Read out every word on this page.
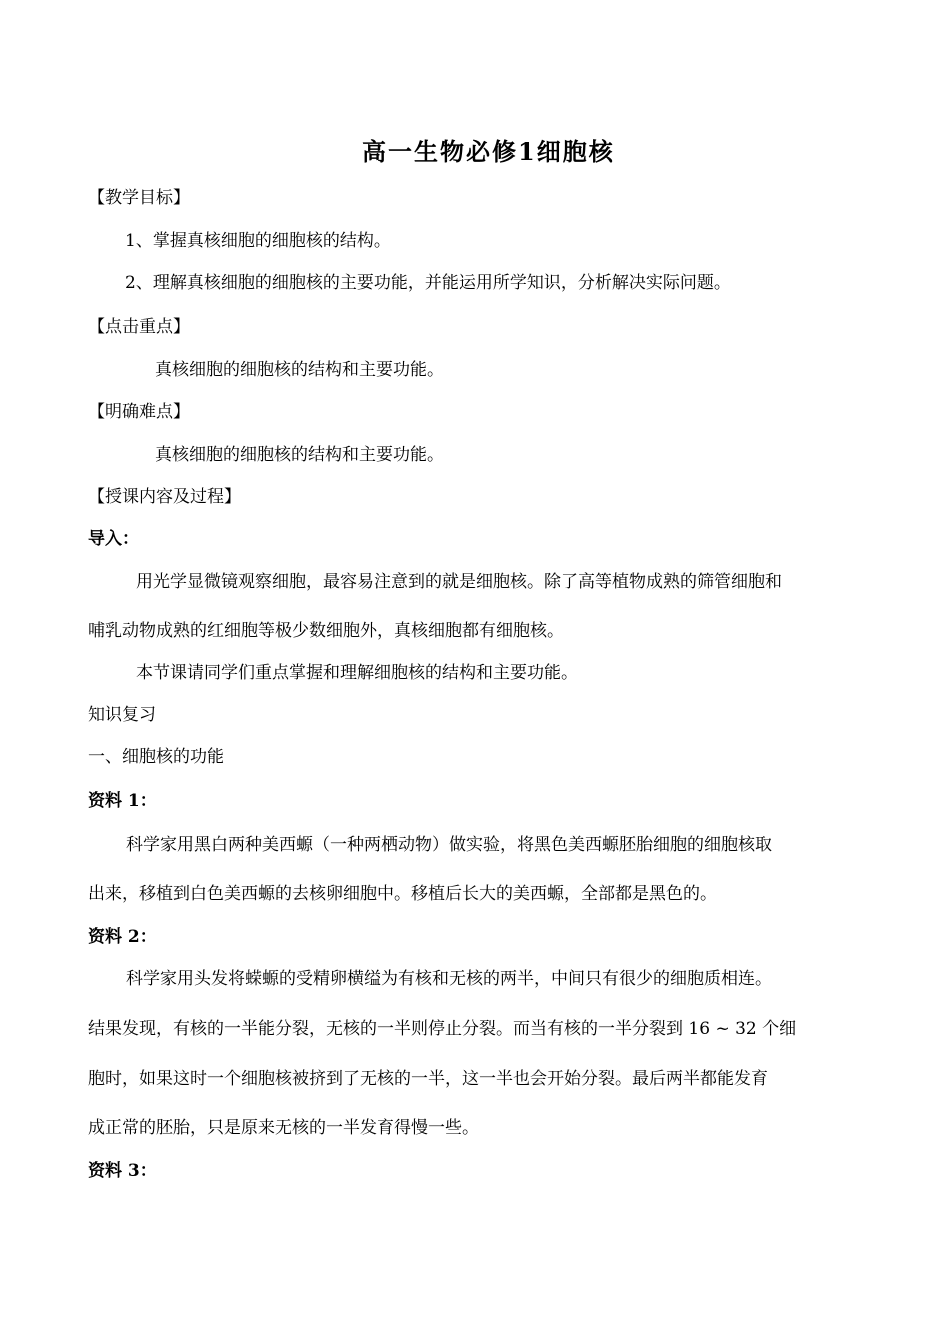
高一生物必修1细胞核
【教学目标】
1、掌握真核细胞的细胞核的结构。
2、理解真核细胞的细胞核的主要功能，并能运用所学知识，分析解决实际问题。
【点击重点】
真核细胞的细胞核的结构和主要功能。
【明确难点】
真核细胞的细胞核的结构和主要功能。
【授课内容及过程】
导入：
用光学显微镜观察细胞，最容易注意到的就是细胞核。除了高等植物成熟的筛管细胞和
哺乳动物成熟的红细胞等极少数细胞外，真核细胞都有细胞核。
本节课请同学们重点掌握和理解细胞核的结构和主要功能。
知识复习
一、细胞核的功能
资料 1：
科学家用黑白两种美西螈（一种两栖动物）做实验，将黑色美西螈胚胎细胞的细胞核取
出来，移植到白色美西螈的去核卵细胞中。移植后长大的美西螈，全部都是黑色的。
资料 2：
科学家用头发将蝾螈的受精卵横缢为有核和无核的两半，中间只有很少的细胞质相连。
结果发现，有核的一半能分裂，无核的一半则停止分裂。而当有核的一半分裂到 16 ~ 32 个细
胞时，如果这时一个细胞核被挤到了无核的一半，这一半也会开始分裂。最后两半都能发育
成正常的胚胎，只是原来无核的一半发育得慢一些。
资料 3：
